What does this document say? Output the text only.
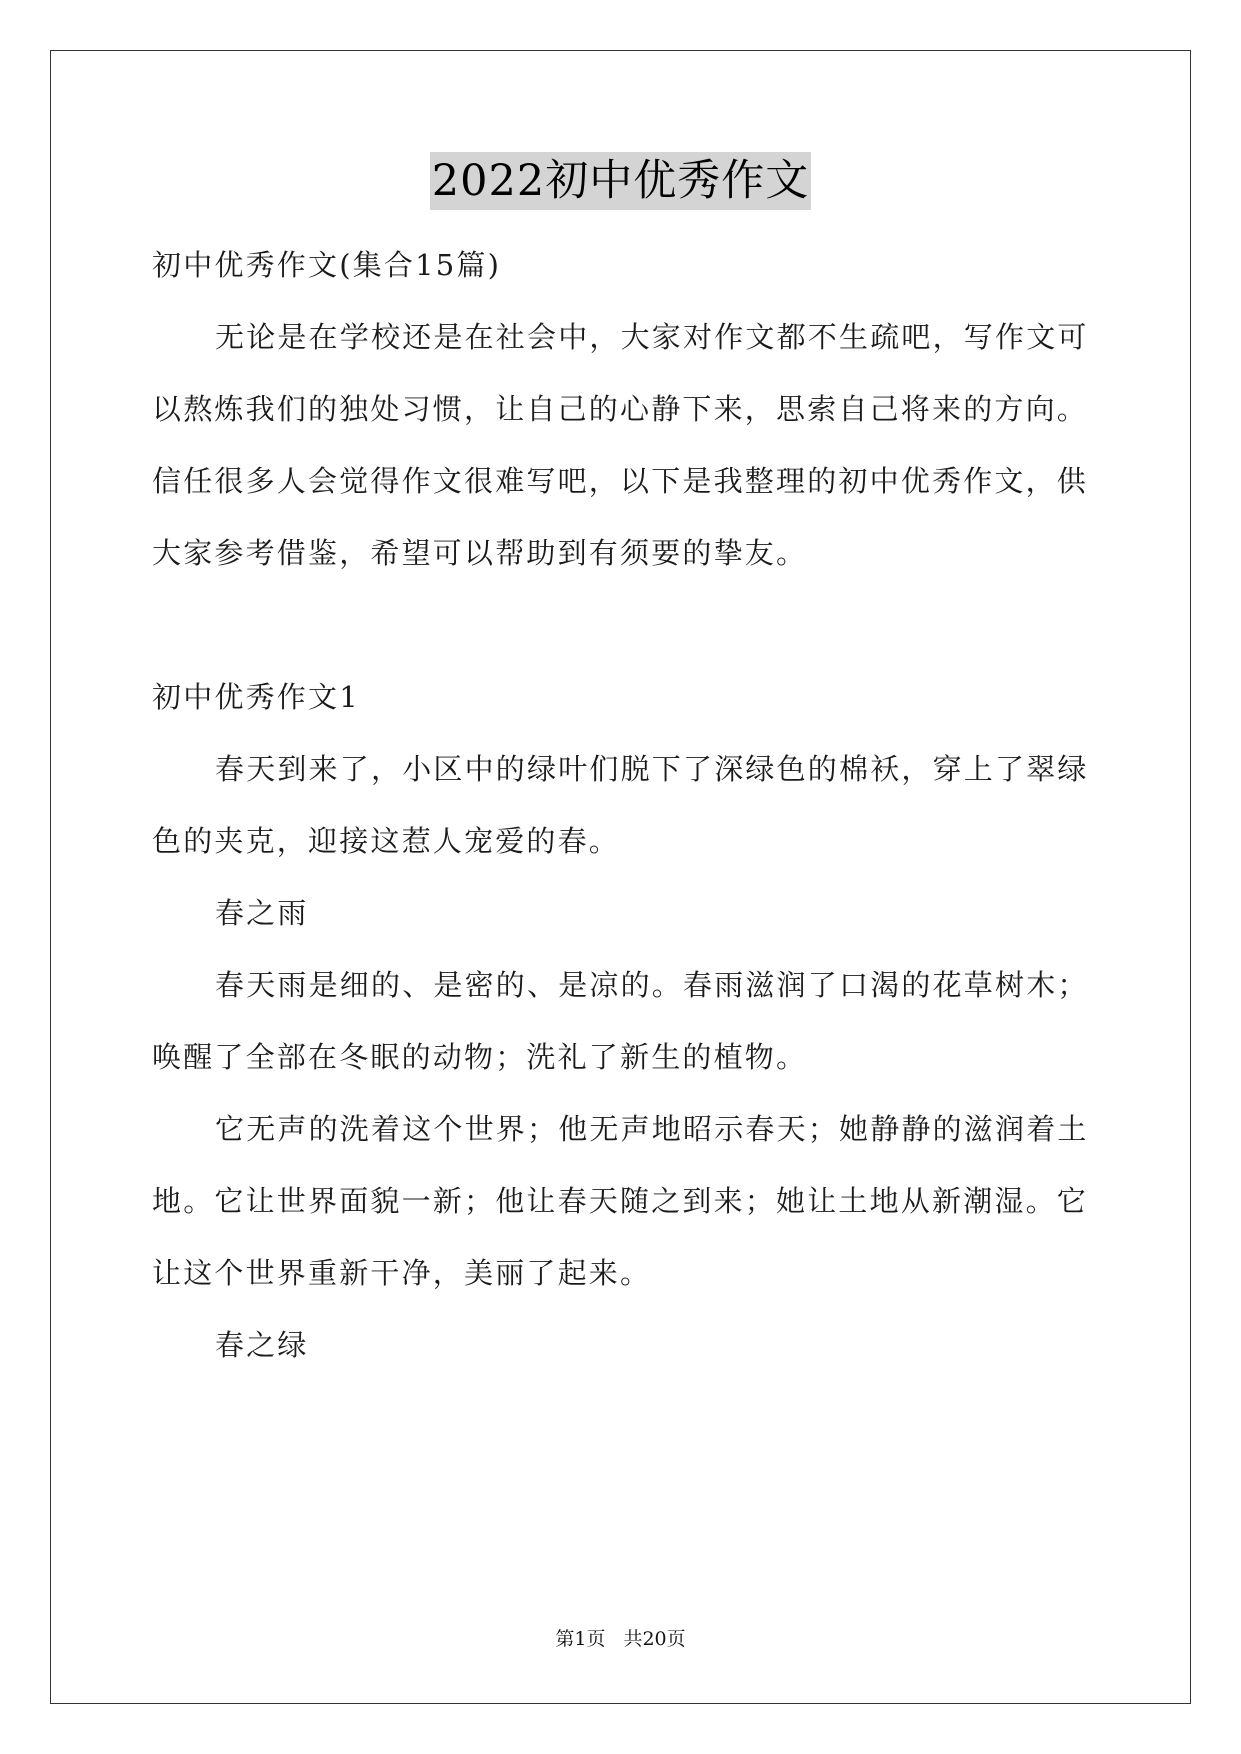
2022初中优秀作文
初中优秀作文(集合15篇)
无论是在学校还是在社会中，大家对作文都不生疏吧，写作文可
以熬炼我们的独处习惯，让自己的心静下来，思索自己将来的方向。
信任很多人会觉得作文很难写吧，以下是我整理的初中优秀作文，供
大家参考借鉴，希望可以帮助到有须要的挚友。
初中优秀作文1
春天到来了，小区中的绿叶们脱下了深绿色的棉袄，穿上了翠绿
色的夹克，迎接这惹人宠爱的春。
春之雨
春天雨是细的、是密的、是凉的。春雨滋润了口渴的花草树木；
唤醒了全部在冬眠的动物；洗礼了新生的植物。
它无声的洗着这个世界；他无声地昭示春天；她静静的滋润着土
地。它让世界面貌一新；他让春天随之到来；她让土地从新潮湿。它
让这个世界重新干净，美丽了起来。
春之绿
第1页 共20页
